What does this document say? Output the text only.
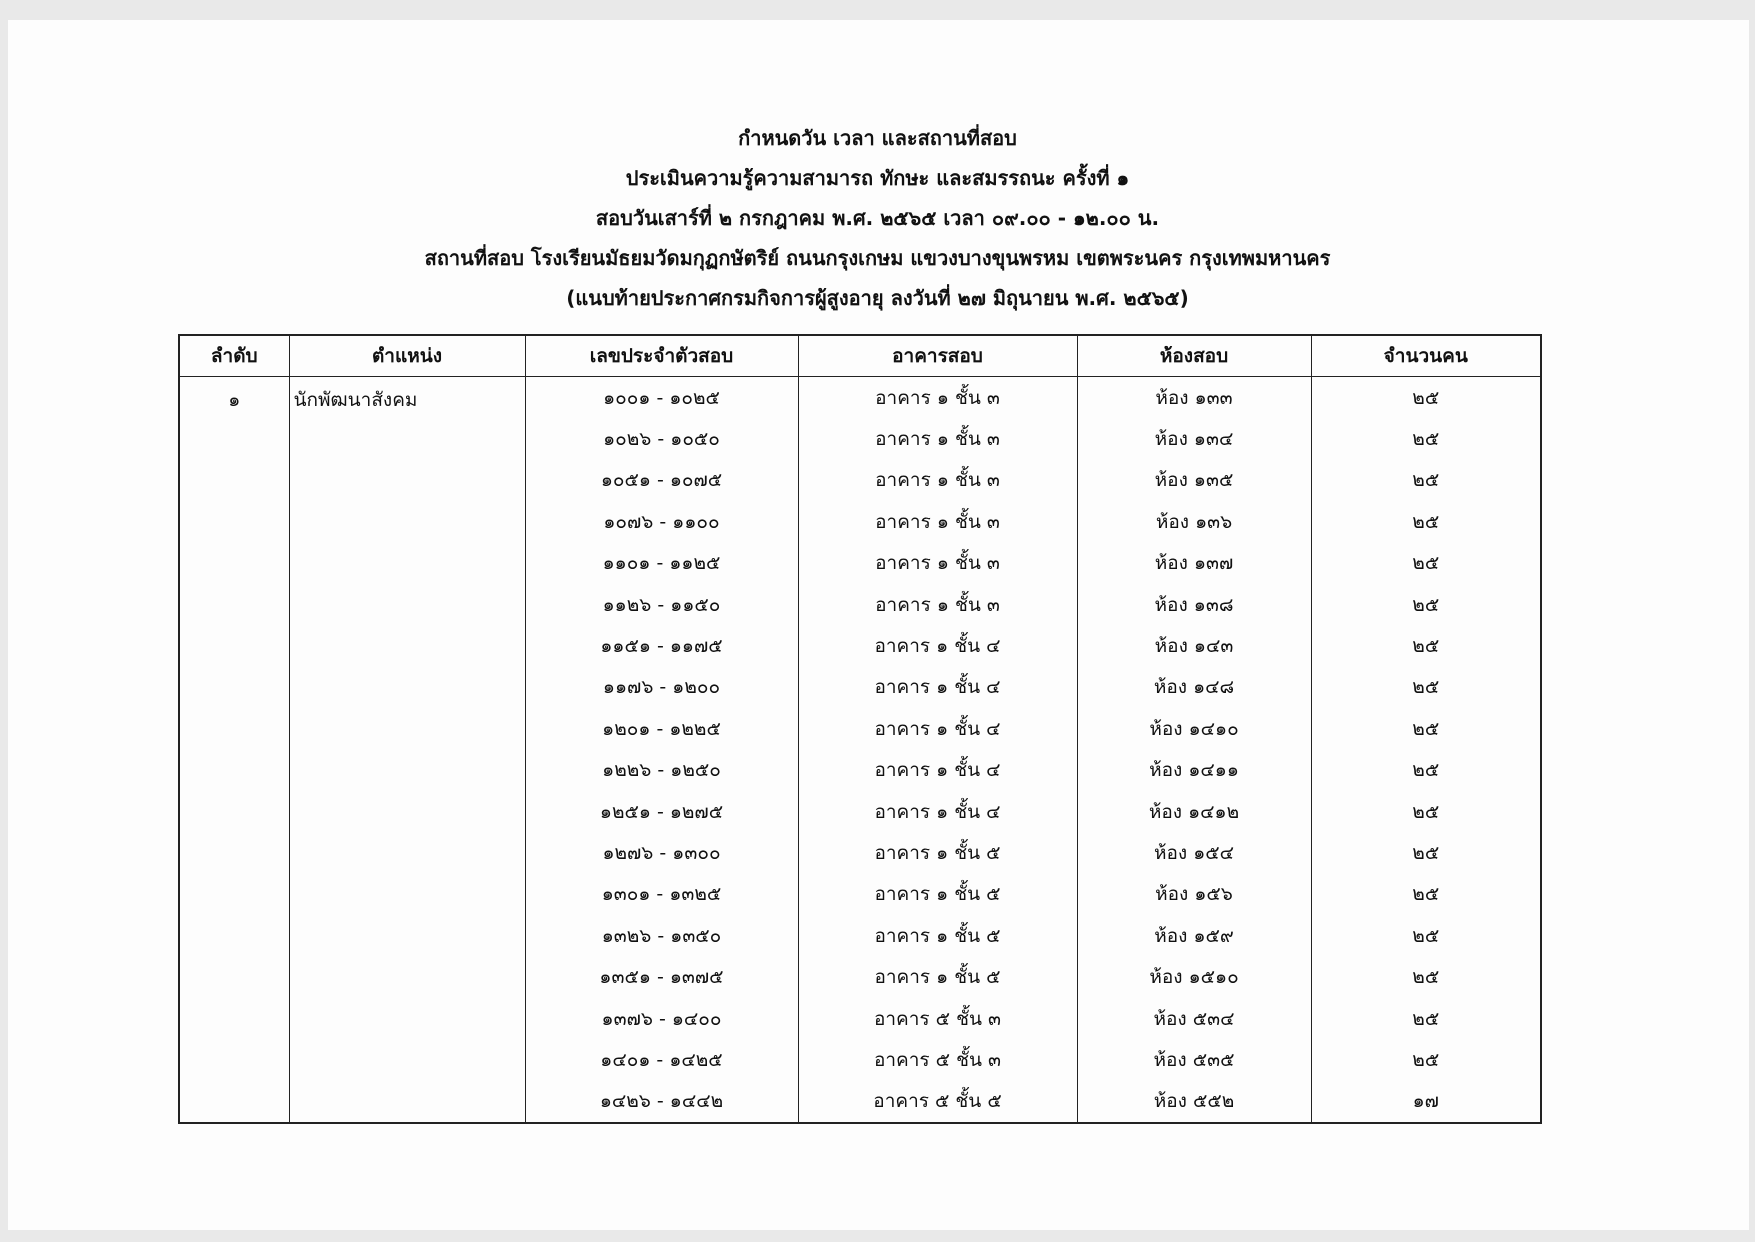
กำหนดวัน เวลา และสถานที่สอบ
ประเมินความรู้ความสามารถ ทักษะ และสมรรถนะ ครั้งที่ ๑
สอบวันเสาร์ที่ ๒ กรกฎาคม พ.ศ. ๒๕๖๕ เวลา ๐๙.๐๐ - ๑๒.๐๐ น.
สถานที่สอบ โรงเรียนมัธยมวัดมกุฏกษัตริย์ ถนนกรุงเกษม แขวงบางขุนพรหม เขตพระนคร กรุงเทพมหานคร
(แนบท้ายประกาศกรมกิจการผู้สูงอายุ ลงวันที่ ๒๗ มิถุนายน พ.ศ. ๒๕๖๕)
ลำดับ	ตำแหน่ง	เลขประจำตัวสอบ	อาคารสอบ	ห้องสอบ	จำนวนคน
๑	นักพัฒนาสังคม	๑๐๐๑ - ๑๐๒๕	อาคาร ๑ ชั้น ๓	ห้อง ๑๓๓	๒๕
		๑๐๒๖ - ๑๐๕๐	อาคาร ๑ ชั้น ๓	ห้อง ๑๓๔	๒๕
		๑๐๕๑ - ๑๐๗๕	อาคาร ๑ ชั้น ๓	ห้อง ๑๓๕	๒๕
		๑๐๗๖ - ๑๑๐๐	อาคาร ๑ ชั้น ๓	ห้อง ๑๓๖	๒๕
		๑๑๐๑ - ๑๑๒๕	อาคาร ๑ ชั้น ๓	ห้อง ๑๓๗	๒๕
		๑๑๒๖ - ๑๑๕๐	อาคาร ๑ ชั้น ๓	ห้อง ๑๓๘	๒๕
		๑๑๕๑ - ๑๑๗๕	อาคาร ๑ ชั้น ๔	ห้อง ๑๔๓	๒๕
		๑๑๗๖ - ๑๒๐๐	อาคาร ๑ ชั้น ๔	ห้อง ๑๔๘	๒๕
		๑๒๐๑ - ๑๒๒๕	อาคาร ๑ ชั้น ๔	ห้อง ๑๔๑๐	๒๕
		๑๒๒๖ - ๑๒๕๐	อาคาร ๑ ชั้น ๔	ห้อง ๑๔๑๑	๒๕
		๑๒๕๑ - ๑๒๗๕	อาคาร ๑ ชั้น ๔	ห้อง ๑๔๑๒	๒๕
		๑๒๗๖ - ๑๓๐๐	อาคาร ๑ ชั้น ๕	ห้อง ๑๕๔	๒๕
		๑๓๐๑ - ๑๓๒๕	อาคาร ๑ ชั้น ๕	ห้อง ๑๕๖	๒๕
		๑๓๒๖ - ๑๓๕๐	อาคาร ๑ ชั้น ๕	ห้อง ๑๕๙	๒๕
		๑๓๕๑ - ๑๓๗๕	อาคาร ๑ ชั้น ๕	ห้อง ๑๕๑๐	๒๕
		๑๓๗๖ - ๑๔๐๐	อาคาร ๕ ชั้น ๓	ห้อง ๕๓๔	๒๕
		๑๔๐๑ - ๑๔๒๕	อาคาร ๕ ชั้น ๓	ห้อง ๕๓๕	๒๕
		๑๔๒๖ - ๑๔๔๒	อาคาร ๕ ชั้น ๕	ห้อง ๕๕๒	๑๗
